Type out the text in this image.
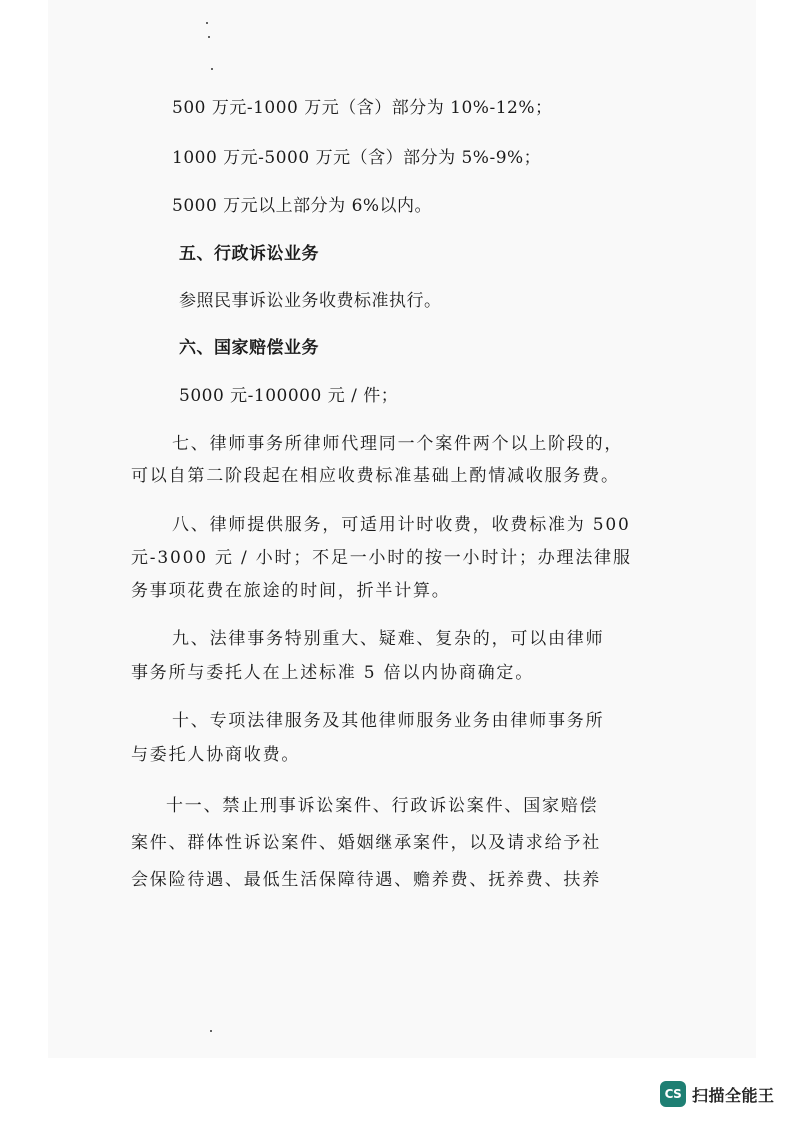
500 万元-1000 万元（含）部分为 10%-12%；
1000 万元-5000 万元（含）部分为 5%-9%；
5000 万元以上部分为 6%以内。
五、行政诉讼业务
参照民事诉讼业务收费标准执行。
六、国家赔偿业务
5000 元-100000 元 / 件；
七、律师事务所律师代理同一个案件两个以上阶段的，
可以自第二阶段起在相应收费标准基础上酌情减收服务费。
八、律师提供服务，可适用计时收费，收费标准为 500
元-3000 元 / 小时；不足一小时的按一小时计；办理法律服
务事项花费在旅途的时间，折半计算。
九、法律事务特别重大、疑难、复杂的，可以由律师
事务所与委托人在上述标准 5 倍以内协商确定。
十、专项法律服务及其他律师服务业务由律师事务所
与委托人协商收费。
十一、禁止刑事诉讼案件、行政诉讼案件、国家赔偿
案件、群体性诉讼案件、婚姻继承案件，以及请求给予社
会保险待遇、最低生活保障待遇、赡养费、抚养费、扶养
CS 扫描全能王
